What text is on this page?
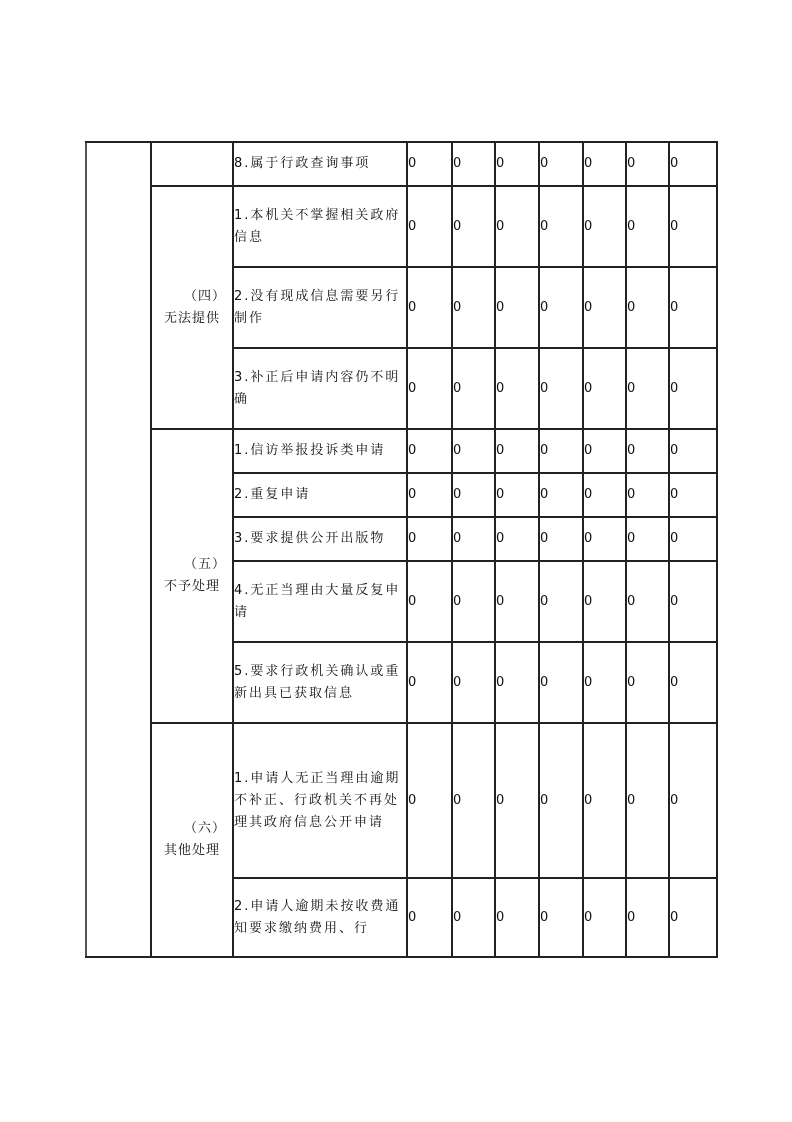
		8.属于行政查询事项	0	0	0	0	0	0	0

	（四）
无法提供	1.本机关不掌握相关政府信息	0	0	0	0	0	0	0
		2.没有现成信息需要另行制作	0	0	0	0	0	0	0
		3.补正后申请内容仍不明确	0	0	0	0	0	0	0

	（五）
不予处理	1.信访举报投诉类申请	0	0	0	0	0	0	0
		2.重复申请	0	0	0	0	0	0	0
		3.要求提供公开出版物	0	0	0	0	0	0	0
		4.无正当理由大量反复申请	0	0	0	0	0	0	0
		5.要求行政机关确认或重新出具已获取信息	0	0	0	0	0	0	0

	（六）
其他处理	1.申请人无正当理由逾期不补正、行政机关不再处理其政府信息公开申请	0	0	0	0	0	0	0
		2.申请人逾期未按收费通知要求缴纳费用、行	0	0	0	0	0	0	0
